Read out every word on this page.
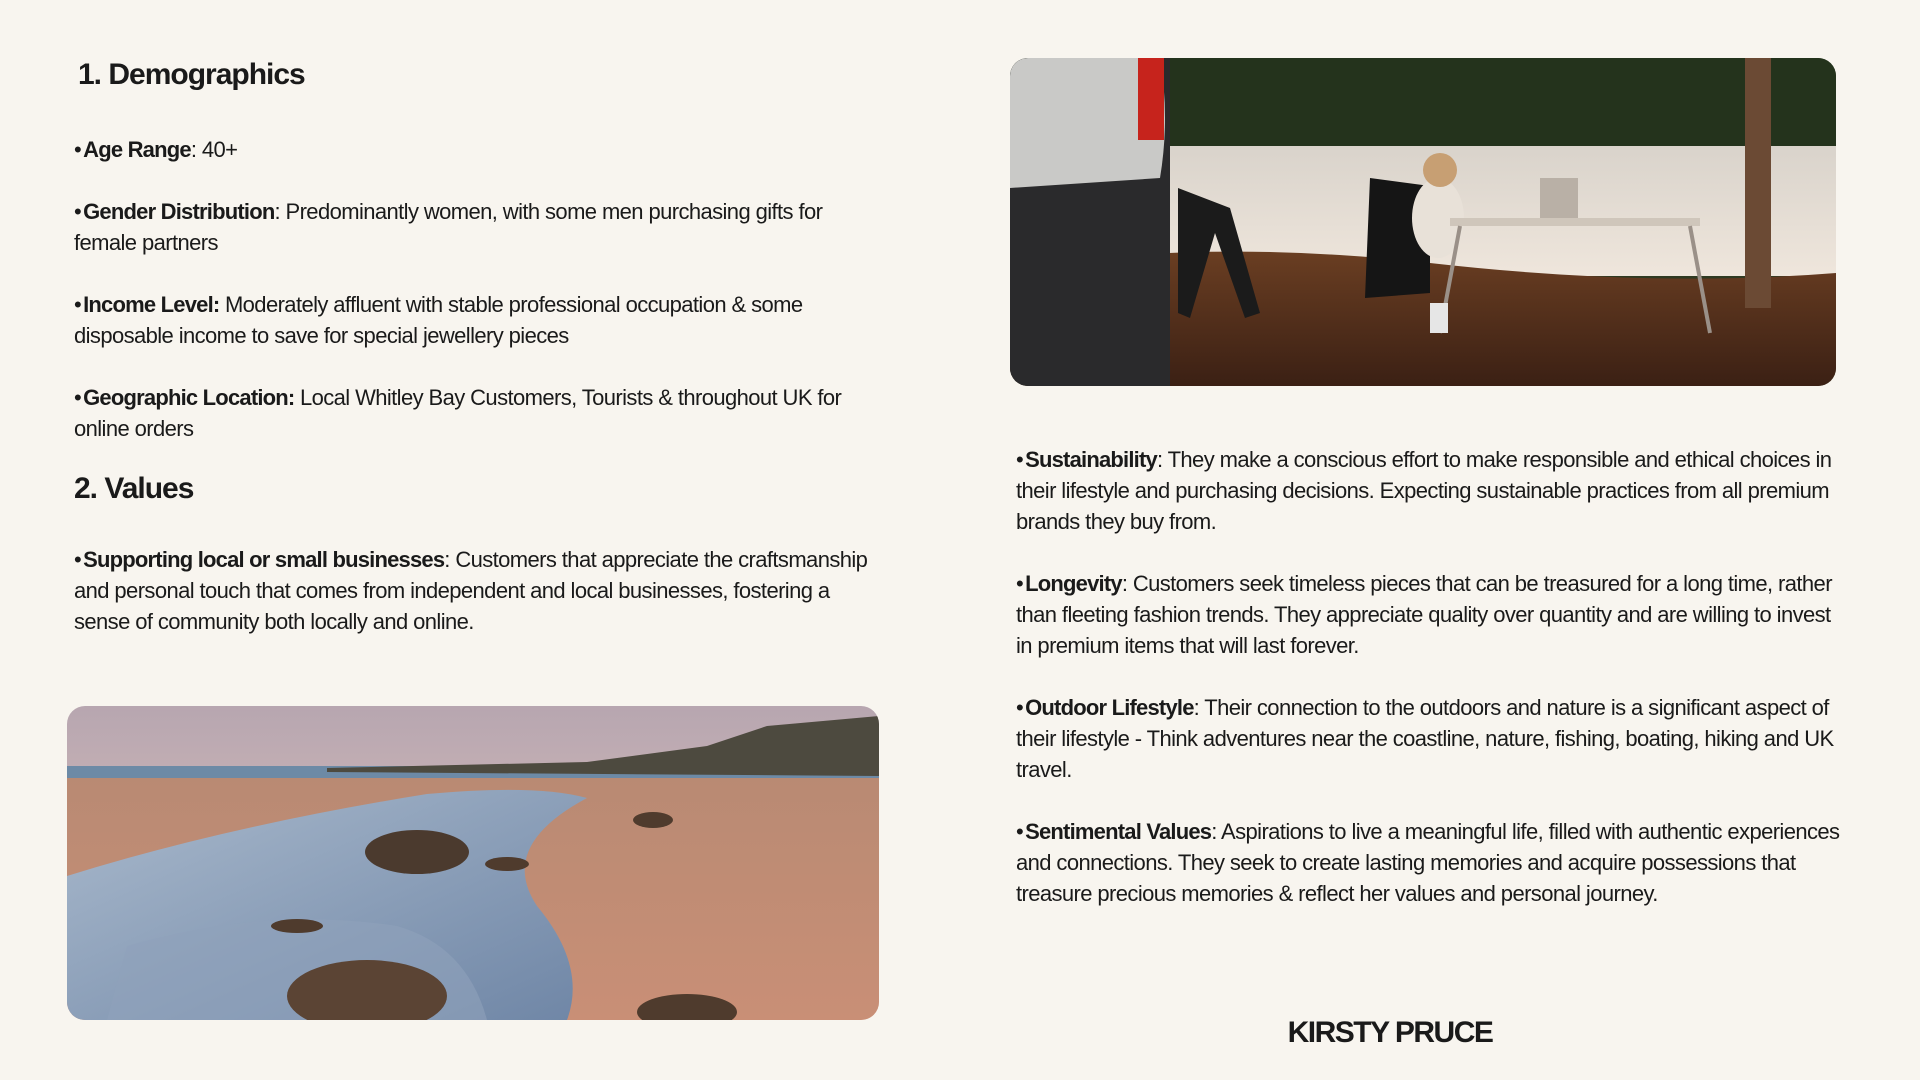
1. Demographics

•Age Range: 40+

•Gender Distribution: Predominantly women, with some men purchasing gifts for female partners

•Income Level: Moderately affluent with stable professional occupation & some disposable income to save for special jewellery pieces

•Geographic Location: Local Whitley Bay Customers, Tourists & throughout UK for online orders

2. Values

•Supporting local or small businesses: Customers that appreciate the craftsmanship and personal touch that comes from independent and local businesses, fostering a sense of community both locally and online.

•Sustainability: They make a conscious effort to make responsible and ethical choices in their lifestyle and purchasing decisions. Expecting sustainable practices from all premium brands they buy from.

•Longevity: Customers seek timeless pieces that can be treasured for a long time, rather than fleeting fashion trends. They appreciate quality over quantity and are willing to invest in premium items that will last forever.

•Outdoor Lifestyle: Their connection to the outdoors and nature is a significant aspect of their lifestyle - Think adventures near the coastline, nature, fishing, boating, hiking and UK travel.

•Sentimental Values: Aspirations to live a meaningful life, filled with authentic experiences and connections. They seek to create lasting memories and acquire possessions that treasure precious memories & reflect her values and personal journey.

KIRSTY PRUCE
